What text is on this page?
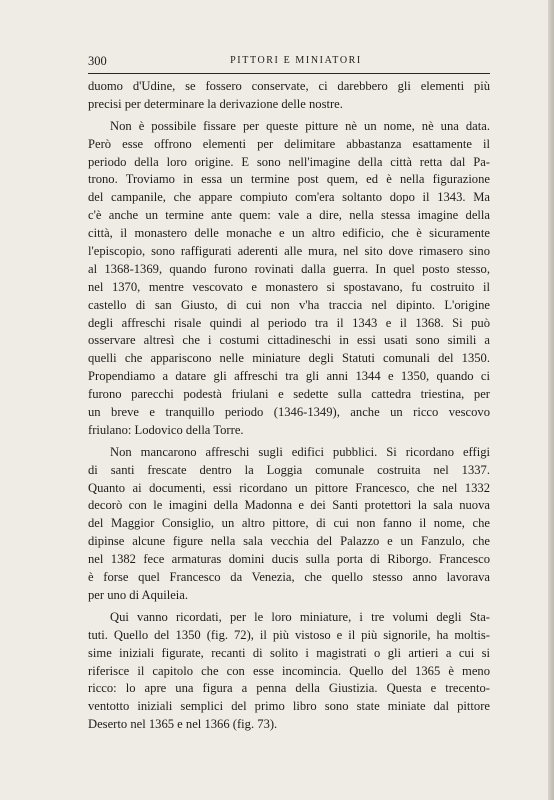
300	PITTORI E MINIATORI
duomo d'Udine, se fossero conservate, ci darebbero gli elementi più
precisi per determinare la derivazione delle nostre.
Non è possibile fissare per queste pitture nè un nome, nè una data.
Però esse offrono elementi per delimitare abbastanza esattamente il
periodo della loro origine. E sono nell'imagine della città retta dal Pa-
trono. Troviamo in essa un termine post quem, ed è nella figurazione
del campanile, che appare compiuto com'era soltanto dopo il 1343. Ma
c'è anche un termine ante quem: vale a dire, nella stessa imagine della
città, il monastero delle monache e un altro edificio, che è sicuramente
l'episcopio, sono raffigurati aderenti alle mura, nel sito dove rimasero sino
al 1368-1369, quando furono rovinati dalla guerra. In quel posto stesso,
nel 1370, mentre vescovato e monastero si spostavano, fu costruito il
castello di san Giusto, di cui non v'ha traccia nel dipinto. L'origine
degli affreschi risale quindi al periodo tra il 1343 e il 1368. Si può
osservare altresì che i costumi cittadineschi in essi usati sono simili a
quelli che appariscono nelle miniature degli Statuti comunali del 1350.
Propendiamo a datare gli affreschi tra gli anni 1344 e 1350, quando ci
furono parecchi podestà friulani e sedette sulla cattedra triestina, per
un breve e tranquillo periodo (1346-1349), anche un ricco vescovo
friulano: Lodovico della Torre.
Non mancarono affreschi sugli edifici pubblici. Si ricordano effigi
di santi frescate dentro la Loggia comunale costruita nel 1337.
Quanto ai documenti, essi ricordano un pittore Francesco, che nel 1332
decorò con le imagini della Madonna e dei Santi protettori la sala nuova
del Maggior Consiglio, un altro pittore, di cui non fanno il nome, che
dipinse alcune figure nella sala vecchia del Palazzo e un Fanzulo, che
nel 1382 fece armaturas domini ducis sulla porta di Riborgo. Francesco
è forse quel Francesco da Venezia, che quello stesso anno lavorava
per uno di Aquileia.
Qui vanno ricordati, per le loro miniature, i tre volumi degli Sta-
tuti. Quello del 1350 (fig. 72), il più vistoso e il più signorile, ha moltis-
sime iniziali figurate, recanti di solito i magistrati o gli artieri a cui si
riferisce il capitolo che con esse incomincia. Quello del 1365 è meno
ricco: lo apre una figura a penna della Giustizia. Questa e trecento-
ventotto iniziali semplici del primo libro sono state miniate dal pittore
Deserto nel 1365 e nel 1366 (fig. 73).
